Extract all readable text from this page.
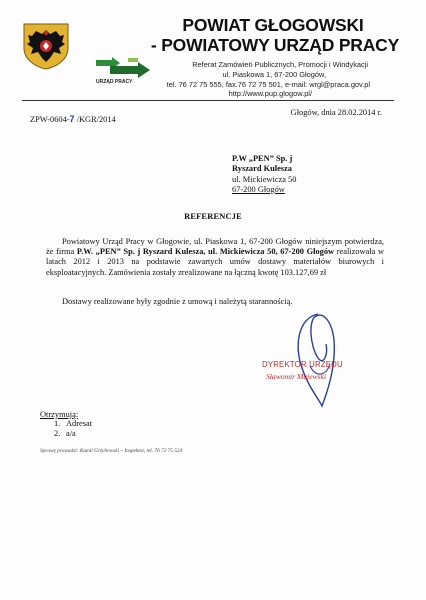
POWIAT GŁOGOWSKI
- POWIATOWY URZĄD PRACY
URZĄD PRACY
Referat Zamówień Publicznych, Promocji i Windykacji
ul. Piaskowa 1, 67-200 Głogów,
tel. 76 72 75 555, fax.76 72 75 501, e-mail: wrgl@praca.gov.pl
http://www.pup.glogow.pl/
ZPW-0604-7 /KGR/2014
Głogów, dnia 28.02.2014 r.
P.W „PEN” Sp. j
Ryszard Kulesza
ul. Mickiewicza 50
67-200 Głogów
REFERENCJE
Powiatowy Urząd Pracy w Głogowie, ul. Piaskowa 1, 67-200 Głogów niniejszym potwierdza, że firma P.W. „PEN” Sp. j Ryszard Kulesza, ul. Mickiewicza 50, 67-200 Głogów realizowała w latach 2012 i 2013 na podstawie zawartych umów dostawy materiałów biurowych i eksploatacyjnych. Zamówienia zostały zrealizowane na łączną kwotę 103.127,69 zł
Dostawy realizowane były zgodnie z umową i należytą starannością.
DYREKTOR URZĘDU
Sławomir Majewski
Otrzymują:
1. Adresat
2. a/a
Sprawę prowadzi: Kamil Grzybowski – Inspektor, tel. 76 72 75 524
